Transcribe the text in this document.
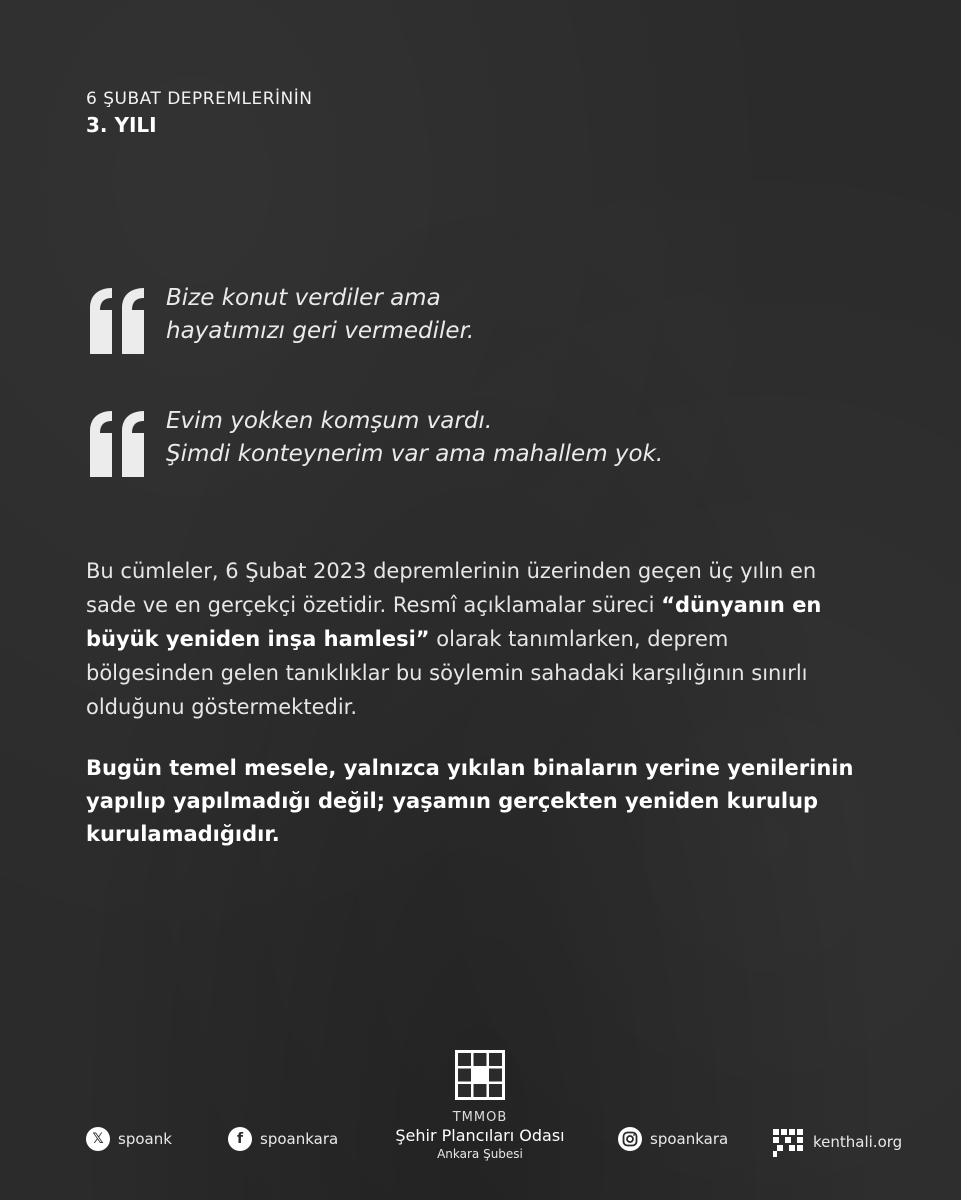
6 ŞUBAT DEPREMLERİNİN
3. YILI
Bize konut verdiler ama
hayatımızı geri vermediler.
Evim yokken komşum vardı.
Şimdi konteynerim var ama mahallem yok.
Bu cümleler, 6 Şubat 2023 depremlerinin üzerinden geçen üç yılın en
sade ve en gerçekçi özetidir. Resmî açıklamalar süreci “dünyanın en
büyük yeniden inşa hamlesi” olarak tanımlarken, deprem
bölgesinden gelen tanıklıklar bu söylemin sahadaki karşılığının sınırlı
olduğunu göstermektedir.
Bugün temel mesele, yalnızca yıkılan binaların yerine yenilerinin
yapılıp yapılmadığı değil; yaşamın gerçekten yeniden kurulup
kurulamadığıdır.
𝕏 spoank	f	spoankara
TMMOB
Şehir Plancıları Odası
Ankara Şubesi
spoankara	kenthali.org
